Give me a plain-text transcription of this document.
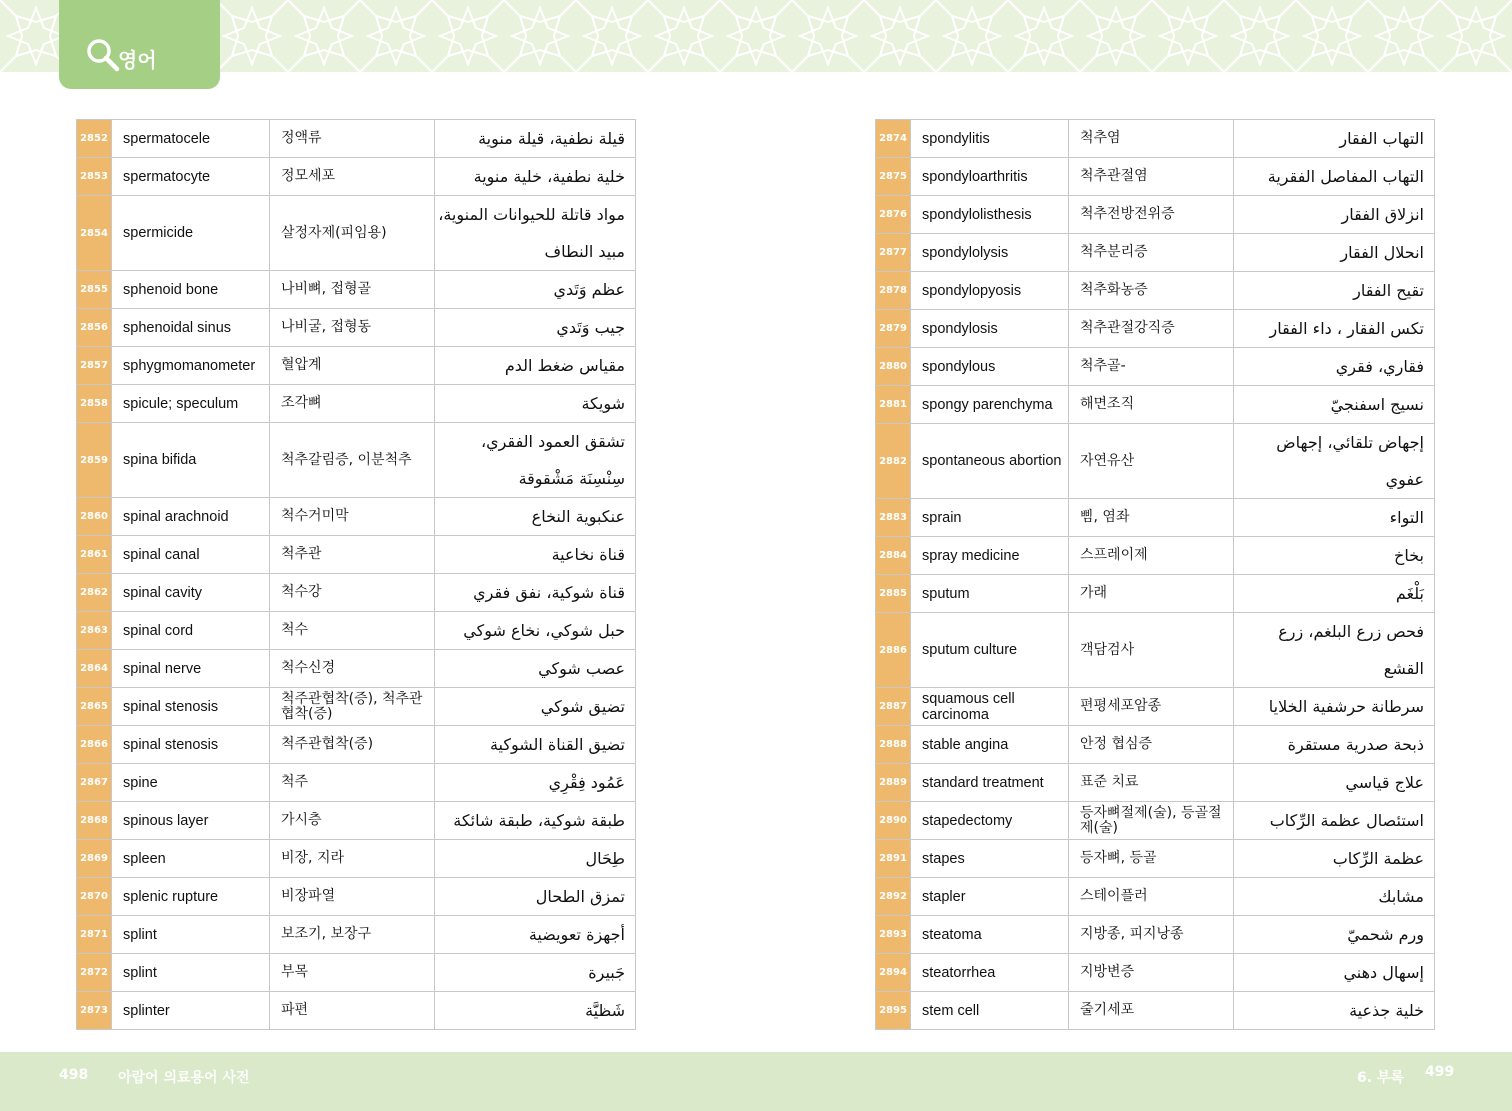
영어
2852	spermatocele	정액류	قيلة نطفية، قيلة منوية
2853	spermatocyte	정모세포	خلية نطفية، خلية منوية
2854	spermicide	살정자제(피임용)	مواد قاتلة للحيوانات المنوية، مبيد النطاف
2855	sphenoid bone	나비뼈, 접형골	عظم وَتَدي
2856	sphenoidal sinus	나비굴, 접형동	جيب وَتَدي
2857	sphygmomanometer	혈압계	مقياس ضغط الدم
2858	spicule; speculum	조각뼈	شويكة
2859	spina bifida	척추갈림증, 이분척추	تشقق العمود الفقري، سِنْسِنَة مَشْقوقة
2860	spinal arachnoid	척수거미막	عنكبوية النخاع
2861	spinal canal	척추관	قناة نخاعية
2862	spinal cavity	척수강	قناة شوكية، نفق فقري
2863	spinal cord	척수	حبل شوكي، نخاع شوكي
2864	spinal nerve	척수신경	عصب شوكي
2865	spinal stenosis	척주관협착(증), 척추관협착(증)	تضيق شوكي
2866	spinal stenosis	척주관협착(증)	تضيق القناة الشوكية
2867	spine	척주	عَمُود فِقْرِي
2868	spinous layer	가시층	طبقة شوكية، طبقة شائكة
2869	spleen	비장, 지라	طِحَال
2870	splenic rupture	비장파열	تمزق الطحال
2871	splint	보조기, 보장구	أجهزة تعويضية
2872	splint	부목	جَبيرة
2873	splinter	파편	شَظيَّة
2874	spondylitis	척추염	التهاب الفقار
2875	spondyloarthritis	척추관절염	التهاب المفاصل الفقرية
2876	spondylolisthesis	척추전방전위증	انزلاق الفقار
2877	spondylolysis	척추분리증	انحلال الفقار
2878	spondylopyosis	척추화농증	تقيح الفقار
2879	spondylosis	척추관절강직증	تكس الفقار ، داء الفقار
2880	spondylous	척추골-	فقاري، فقري
2881	spongy parenchyma	해면조직	نسيج اسفنجيّ
2882	spontaneous abortion	자연유산	إجهاض تلقائي، إجهاض عفوي
2883	sprain	삠, 염좌	التواء
2884	spray medicine	스프레이제	بخاخ
2885	sputum	가래	بَلْغَم
2886	sputum culture	객담검사	فحص زرع البلغم، زرع القشع
2887	squamous cell carcinoma	편평세포암종	سرطانة حرشفية الخلايا
2888	stable angina	안정 협심증	ذبحة صدرية مستقرة
2889	standard treatment	표준 치료	علاج قياسي
2890	stapedectomy	등자뼈절제(술), 등골절제(술)	استئصال عظمة الرِّكاب
2891	stapes	등자뼈, 등골	عظمة الرِّكاب
2892	stapler	스테이플러	مشابك
2893	steatoma	지방종, 피지낭종	ورم شحميّ
2894	steatorrhea	지방변증	إسهال دهني
2895	stem cell	줄기세포	خلية جذعية
498 아랍어 의료용어 사전	6. 부록 499
